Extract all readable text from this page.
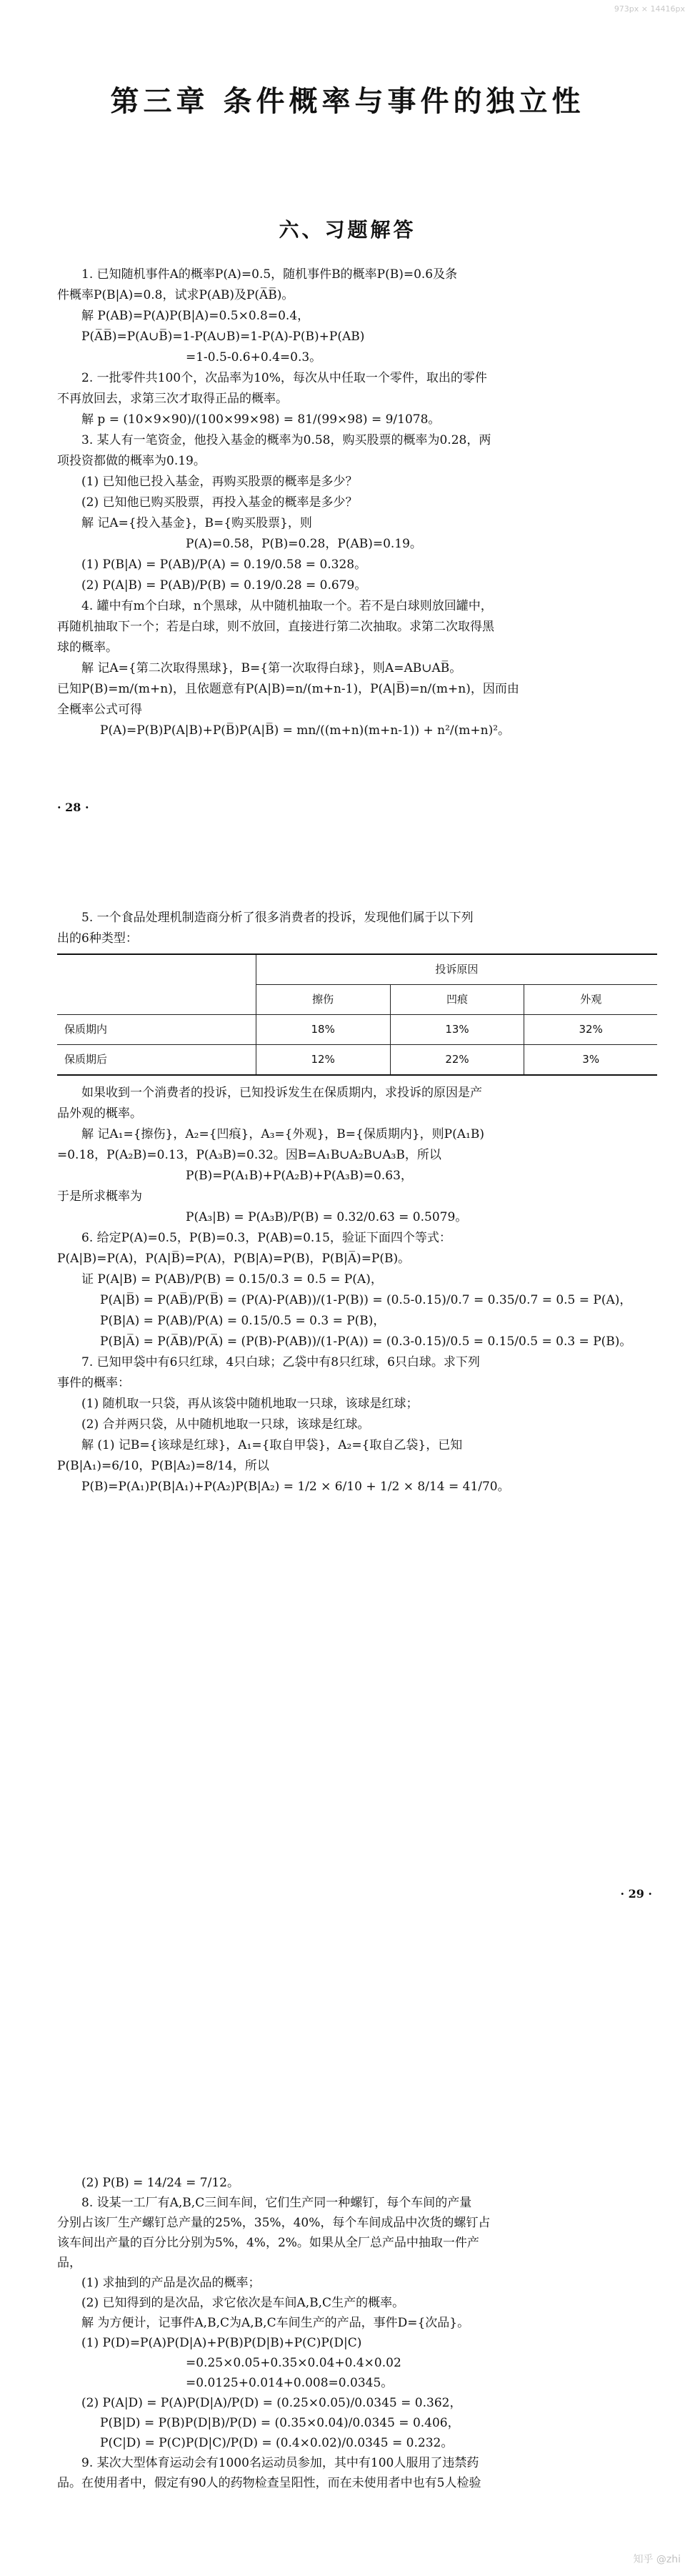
973px × 14416px
第三章 条件概率与事件的独立性
六、习题解答

1. 已知随机事件A的概率P(A)=0.5，随机事件B的概率P(B)=0.6及条

件概率P(B|A)=0.8，试求P(AB)及P(A̅B̅)。

解 P(AB)=P(A)P(B|A)=0.5×0.8=0.4，

P(A̅B̅)=P(A∪B̅)=1-P(A∪B)=1-P(A)-P(B)+P(AB)

=1-0.5-0.6+0.4=0.3。

2. 一批零件共100个，次品率为10%，每次从中任取一个零件，取出的零件

不再放回去，求第三次才取得正品的概率。

解 p = (10×9×90)/(100×99×98) = 81/(99×98) = 9/1078。

3. 某人有一笔资金，他投入基金的概率为0.58，购买股票的概率为0.28，两

项投资都做的概率为0.19。

(1) 已知他已投入基金，再购买股票的概率是多少？

(2) 已知他已购买股票，再投入基金的概率是多少？

解 记A={投入基金}，B={购买股票}，则

P(A)=0.58，P(B)=0.28，P(AB)=0.19。

(1) P(B|A) = P(AB)/P(A) = 0.19/0.58 = 0.328。

(2) P(A|B) = P(AB)/P(B) = 0.19/0.28 = 0.679。

4. 罐中有m个白球，n个黑球，从中随机抽取一个。若不是白球则放回罐中，

再随机抽取下一个；若是白球，则不放回，直接进行第二次抽取。求第二次取得黑

球的概率。

解 记A={第二次取得黑球}，B={第一次取得白球}，则A=AB∪AB̅。

已知P(B)=m/(m+n)，且依题意有P(A|B)=n/(m+n-1)，P(A|B̅)=n/(m+n)，因而由

全概率公式可得

P(A)=P(B)P(A|B)+P(B̅)P(A|B̅) = mn/((m+n)(m+n-1)) + n²/(m+n)²。

· 28 ·

5. 一个食品处理机制造商分析了很多消费者的投诉，发现他们属于以下列

出的6种类型：

	投诉原因		
	擦伤	凹痕	外观
保质期内	18%	13%	32%
保质期后	12%	22%	3%

如果收到一个消费者的投诉，已知投诉发生在保质期内，求投诉的原因是产

品外观的概率。

解 记A₁={擦伤}，A₂={凹痕}，A₃={外观}，B={保质期内}，则P(A₁B)

=0.18，P(A₂B)=0.13，P(A₃B)=0.32。因B=A₁B∪A₂B∪A₃B，所以

P(B)=P(A₁B)+P(A₂B)+P(A₃B)=0.63，

于是所求概率为

P(A₃|B) = P(A₃B)/P(B) = 0.32/0.63 = 0.5079。

6. 给定P(A)=0.5，P(B)=0.3，P(AB)=0.15，验证下面四个等式：

P(A|B)=P(A)，P(A|B̅)=P(A)，P(B|A)=P(B)，P(B|A̅)=P(B)。

证 P(A|B) = P(AB)/P(B) = 0.15/0.3 = 0.5 = P(A)，

P(A|B̅) = P(AB̅)/P(B̅) = (P(A)-P(AB))/(1-P(B)) = (0.5-0.15)/0.7 = 0.35/0.7 = 0.5 = P(A)，

P(B|A) = P(AB)/P(A) = 0.15/0.5 = 0.3 = P(B)，

P(B|A̅) = P(A̅B)/P(A̅) = (P(B)-P(AB))/(1-P(A)) = (0.3-0.15)/0.5 = 0.15/0.5 = 0.3 = P(B)。

7. 已知甲袋中有6只红球，4只白球；乙袋中有8只红球，6只白球。求下列

事件的概率：

(1) 随机取一只袋，再从该袋中随机地取一只球，该球是红球；

(2) 合并两只袋，从中随机地取一只球，该球是红球。

解 (1) 记B={该球是红球}，A₁={取自甲袋}，A₂={取自乙袋}，已知

P(B|A₁)=6/10，P(B|A₂)=8/14，所以

P(B)=P(A₁)P(B|A₁)+P(A₂)P(B|A₂) = 1/2 × 6/10 + 1/2 × 8/14 = 41/70。

· 29 ·

(2) P(B) = 14/24 = 7/12。

8. 设某一工厂有A,B,C三间车间，它们生产同一种螺钉，每个车间的产量

分别占该厂生产螺钉总产量的25%，35%，40%，每个车间成品中次货的螺钉占

该车间出产量的百分比分别为5%，4%，2%。如果从全厂总产品中抽取一件产

品，

(1) 求抽到的产品是次品的概率；

(2) 已知得到的是次品，求它依次是车间A,B,C生产的概率。

解 为方便计，记事件A,B,C为A,B,C车间生产的产品，事件D={次品}。

(1) P(D)=P(A)P(D|A)+P(B)P(D|B)+P(C)P(D|C)

=0.25×0.05+0.35×0.04+0.4×0.02

=0.0125+0.014+0.008=0.0345。

(2) P(A|D) = P(A)P(D|A)/P(D) = (0.25×0.05)/0.0345 = 0.362，

P(B|D) = P(B)P(D|B)/P(D) = (0.35×0.04)/0.0345 = 0.406，

P(C|D) = P(C)P(D|C)/P(D) = (0.4×0.02)/0.0345 = 0.232。

9. 某次大型体育运动会有1000名运动员参加，其中有100人服用了违禁药

品。在使用者中，假定有90人的药物检查呈阳性，而在未使用者中也有5人检验

知乎 @zhi
